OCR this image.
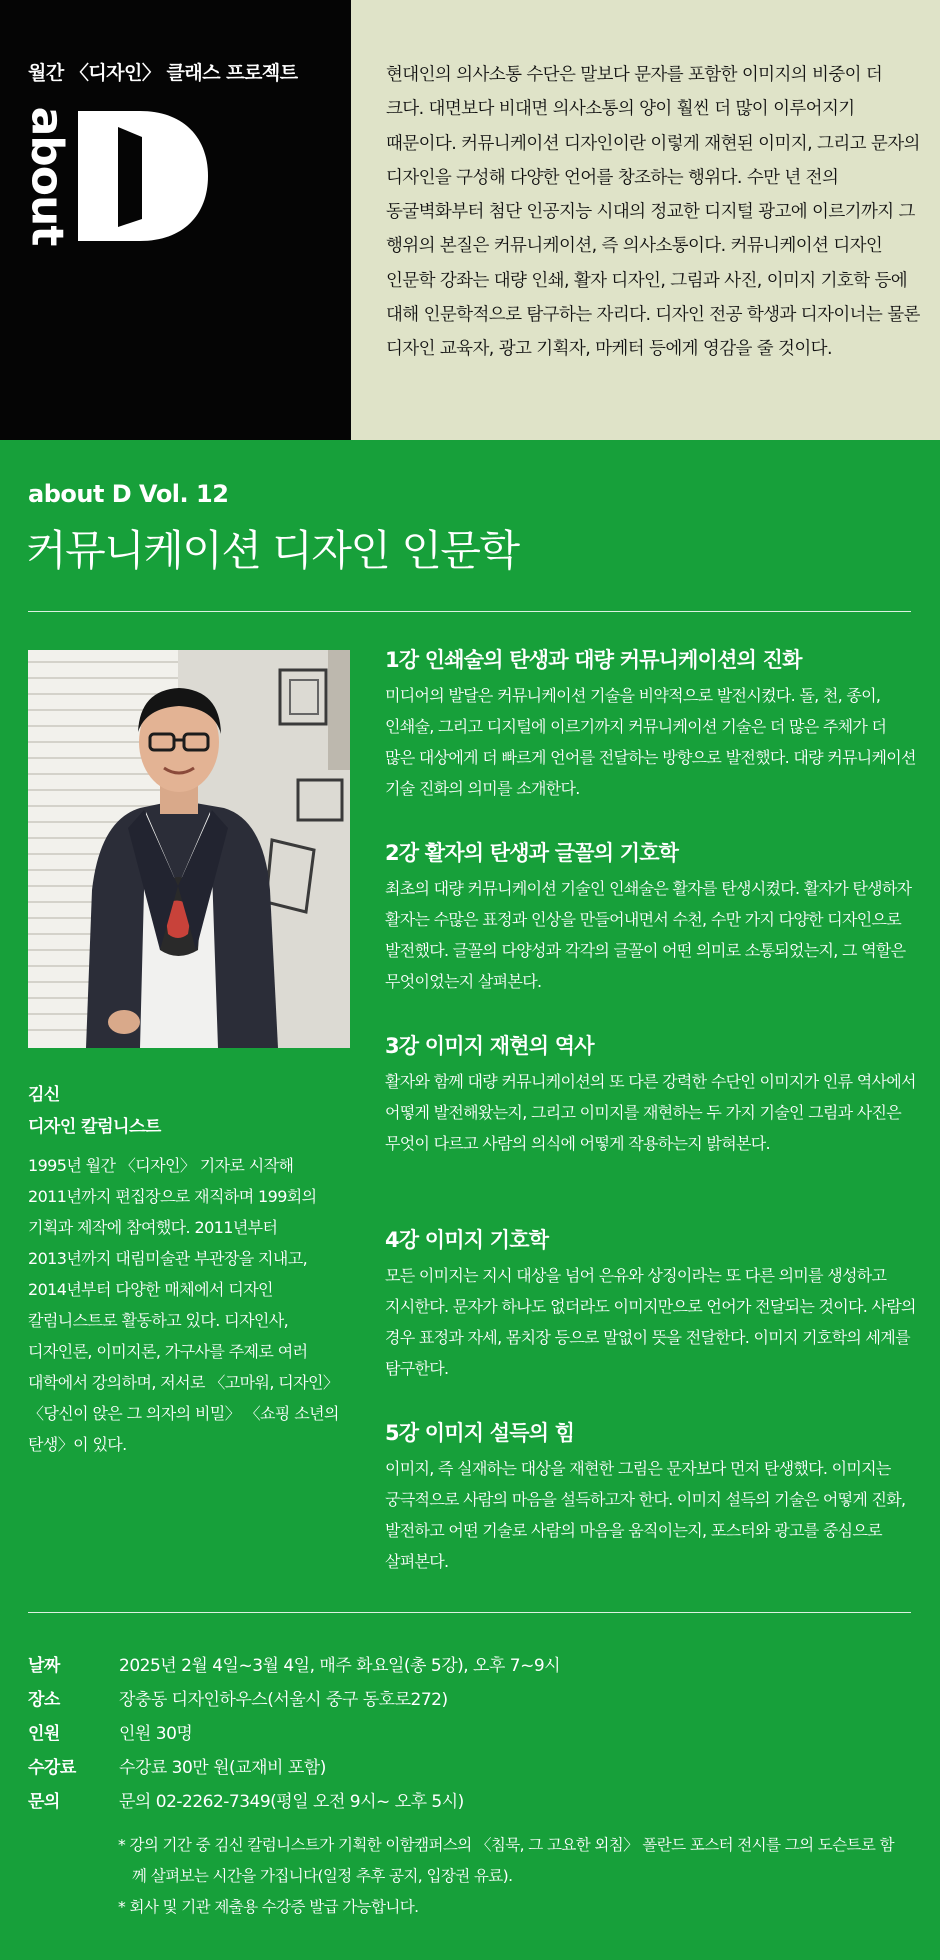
월간 〈디자인〉 클래스 프로젝트
about

현대인의 의사소통 수단은 말보다 문자를 포함한 이미지의 비중이 더 크다. 대면보다 비대면 의사소통의 양이 훨씬 더 많이 이루어지기 때문이다. 커뮤니케이션 디자인이란 이렇게 재현된 이미지, 그리고 문자의 디자인을 구성해 다양한 언어를 창조하는 행위다. 수만 년 전의 동굴벽화부터 첨단 인공지능 시대의 정교한 디지털 광고에 이르기까지 그 행위의 본질은 커뮤니케이션, 즉 의사소통이다. 커뮤니케이션 디자인 인문학 강좌는 대량 인쇄, 활자 디자인, 그림과 사진, 이미지 기호학 등에 대해 인문학적으로 탐구하는 자리다. 디자인 전공 학생과 디자이너는 물론 디자인 교육자, 광고 기획자, 마케터 등에게 영감을 줄 것이다.

about D Vol. 12
커뮤니케이션 디자인 인문학
김신
디자인 칼럼니스트

1995년 월간 〈디자인〉 기자로 시작해 2011년까지 편집장으로 재직하며 199회의 기획과 제작에 참여했다. 2011년부터 2013년까지 대림미술관 부관장을 지내고, 2014년부터 다양한 매체에서 디자인 칼럼니스트로 활동하고 있다. 디자인사, 디자인론, 이미지론, 가구사를 주제로 여러 대학에서 강의하며, 저서로 〈고마워, 디자인〉 〈당신이 앉은 그 의자의 비밀〉 〈쇼핑 소년의 탄생〉이 있다.

1강 인쇄술의 탄생과 대량 커뮤니케이션의 진화

미디어의 발달은 커뮤니케이션 기술을 비약적으로 발전시켰다. 돌, 천, 종이, 인쇄술, 그리고 디지털에 이르기까지 커뮤니케이션 기술은 더 많은 주체가 더 많은 대상에게 더 빠르게 언어를 전달하는 방향으로 발전했다. 대량 커뮤니케이션 기술 진화의 의미를 소개한다.

2강 활자의 탄생과 글꼴의 기호학

최초의 대량 커뮤니케이션 기술인 인쇄술은 활자를 탄생시켰다. 활자가 탄생하자 활자는 수많은 표정과 인상을 만들어내면서 수천, 수만 가지 다양한 디자인으로 발전했다. 글꼴의 다양성과 각각의 글꼴이 어떤 의미로 소통되었는지, 그 역할은 무엇이었는지 살펴본다.

3강 이미지 재현의 역사

활자와 함께 대량 커뮤니케이션의 또 다른 강력한 수단인 이미지가 인류 역사에서 어떻게 발전해왔는지, 그리고 이미지를 재현하는 두 가지 기술인 그림과 사진은 무엇이 다르고 사람의 의식에 어떻게 작용하는지 밝혀본다.

4강 이미지 기호학

모든 이미지는 지시 대상을 넘어 은유와 상징이라는 또 다른 의미를 생성하고 지시한다. 문자가 하나도 없더라도 이미지만으로 언어가 전달되는 것이다. 사람의 경우 표정과 자세, 몸치장 등으로 말없이 뜻을 전달한다. 이미지 기호학의 세계를 탐구한다.

5강 이미지 설득의 힘

이미지, 즉 실재하는 대상을 재현한 그림은 문자보다 먼저 탄생했다. 이미지는 궁극적으로 사람의 마음을 설득하고자 한다. 이미지 설득의 기술은 어떻게 진화, 발전하고 어떤 기술로 사람의 마음을 움직이는지, 포스터와 광고를 중심으로 살펴본다.

날짜	2025년 2월 4일~3월 4일, 매주 화요일(총 5강), 오후 7~9시
장소	장충동 디자인하우스(서울시 중구 동호로272)
인원	인원 30명
수강료	수강료 30만 원(교재비 포함)
문의	문의 02-2262-7349(평일 오전 9시~ 오후 5시)

* 강의 기간 중 김신 칼럼니스트가 기획한 이함캠퍼스의 〈침묵, 그 고요한 외침〉 폴란드 포스터 전시를 그의 도슨트로 함께 살펴보는 시간을 가집니다(일정 추후 공지, 입장권 유료).

* 회사 및 기관 제출용 수강증 발급 가능합니다.
